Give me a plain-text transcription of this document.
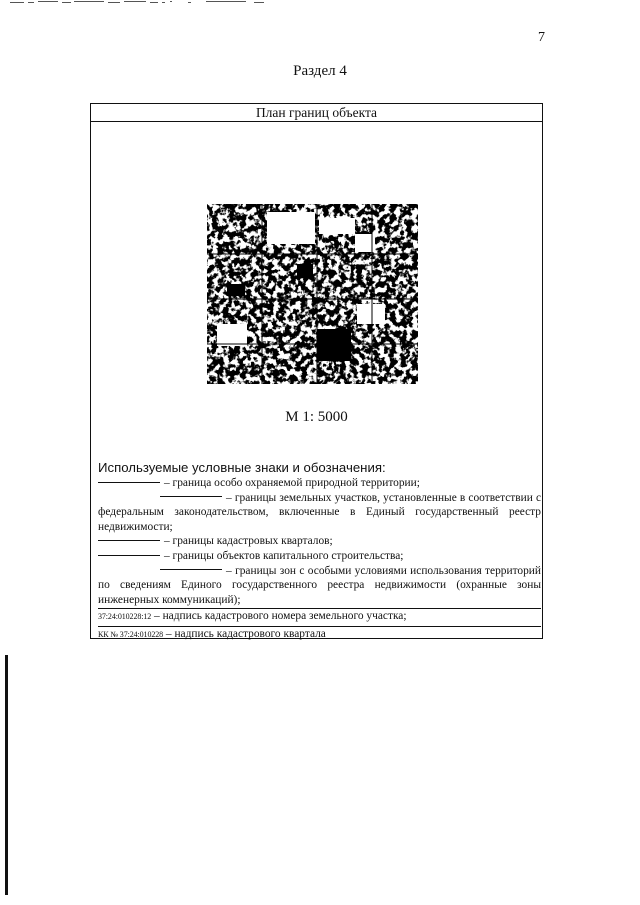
7
Раздел 4
План границ объекта
М 1: 5000
Используемые условные знаки и обозначения:
– граница особо охраняемой природной территории;
– границы земельных участков, установленные в соответствии с федеральным законодательством, включенные в Единый государственный реестр недвижимости;
– границы кадастровых кварталов;
– границы объектов капитального строительства;
– границы зон с особыми условиями использования территорий по сведениям Единого государственного реестра недвижимости (охранные зоны инженерных коммуникаций);
37:24:010228:12 – надпись кадастрового номера земельного участка;
КК № 37:24:010228 – надпись кадастрового квартала
